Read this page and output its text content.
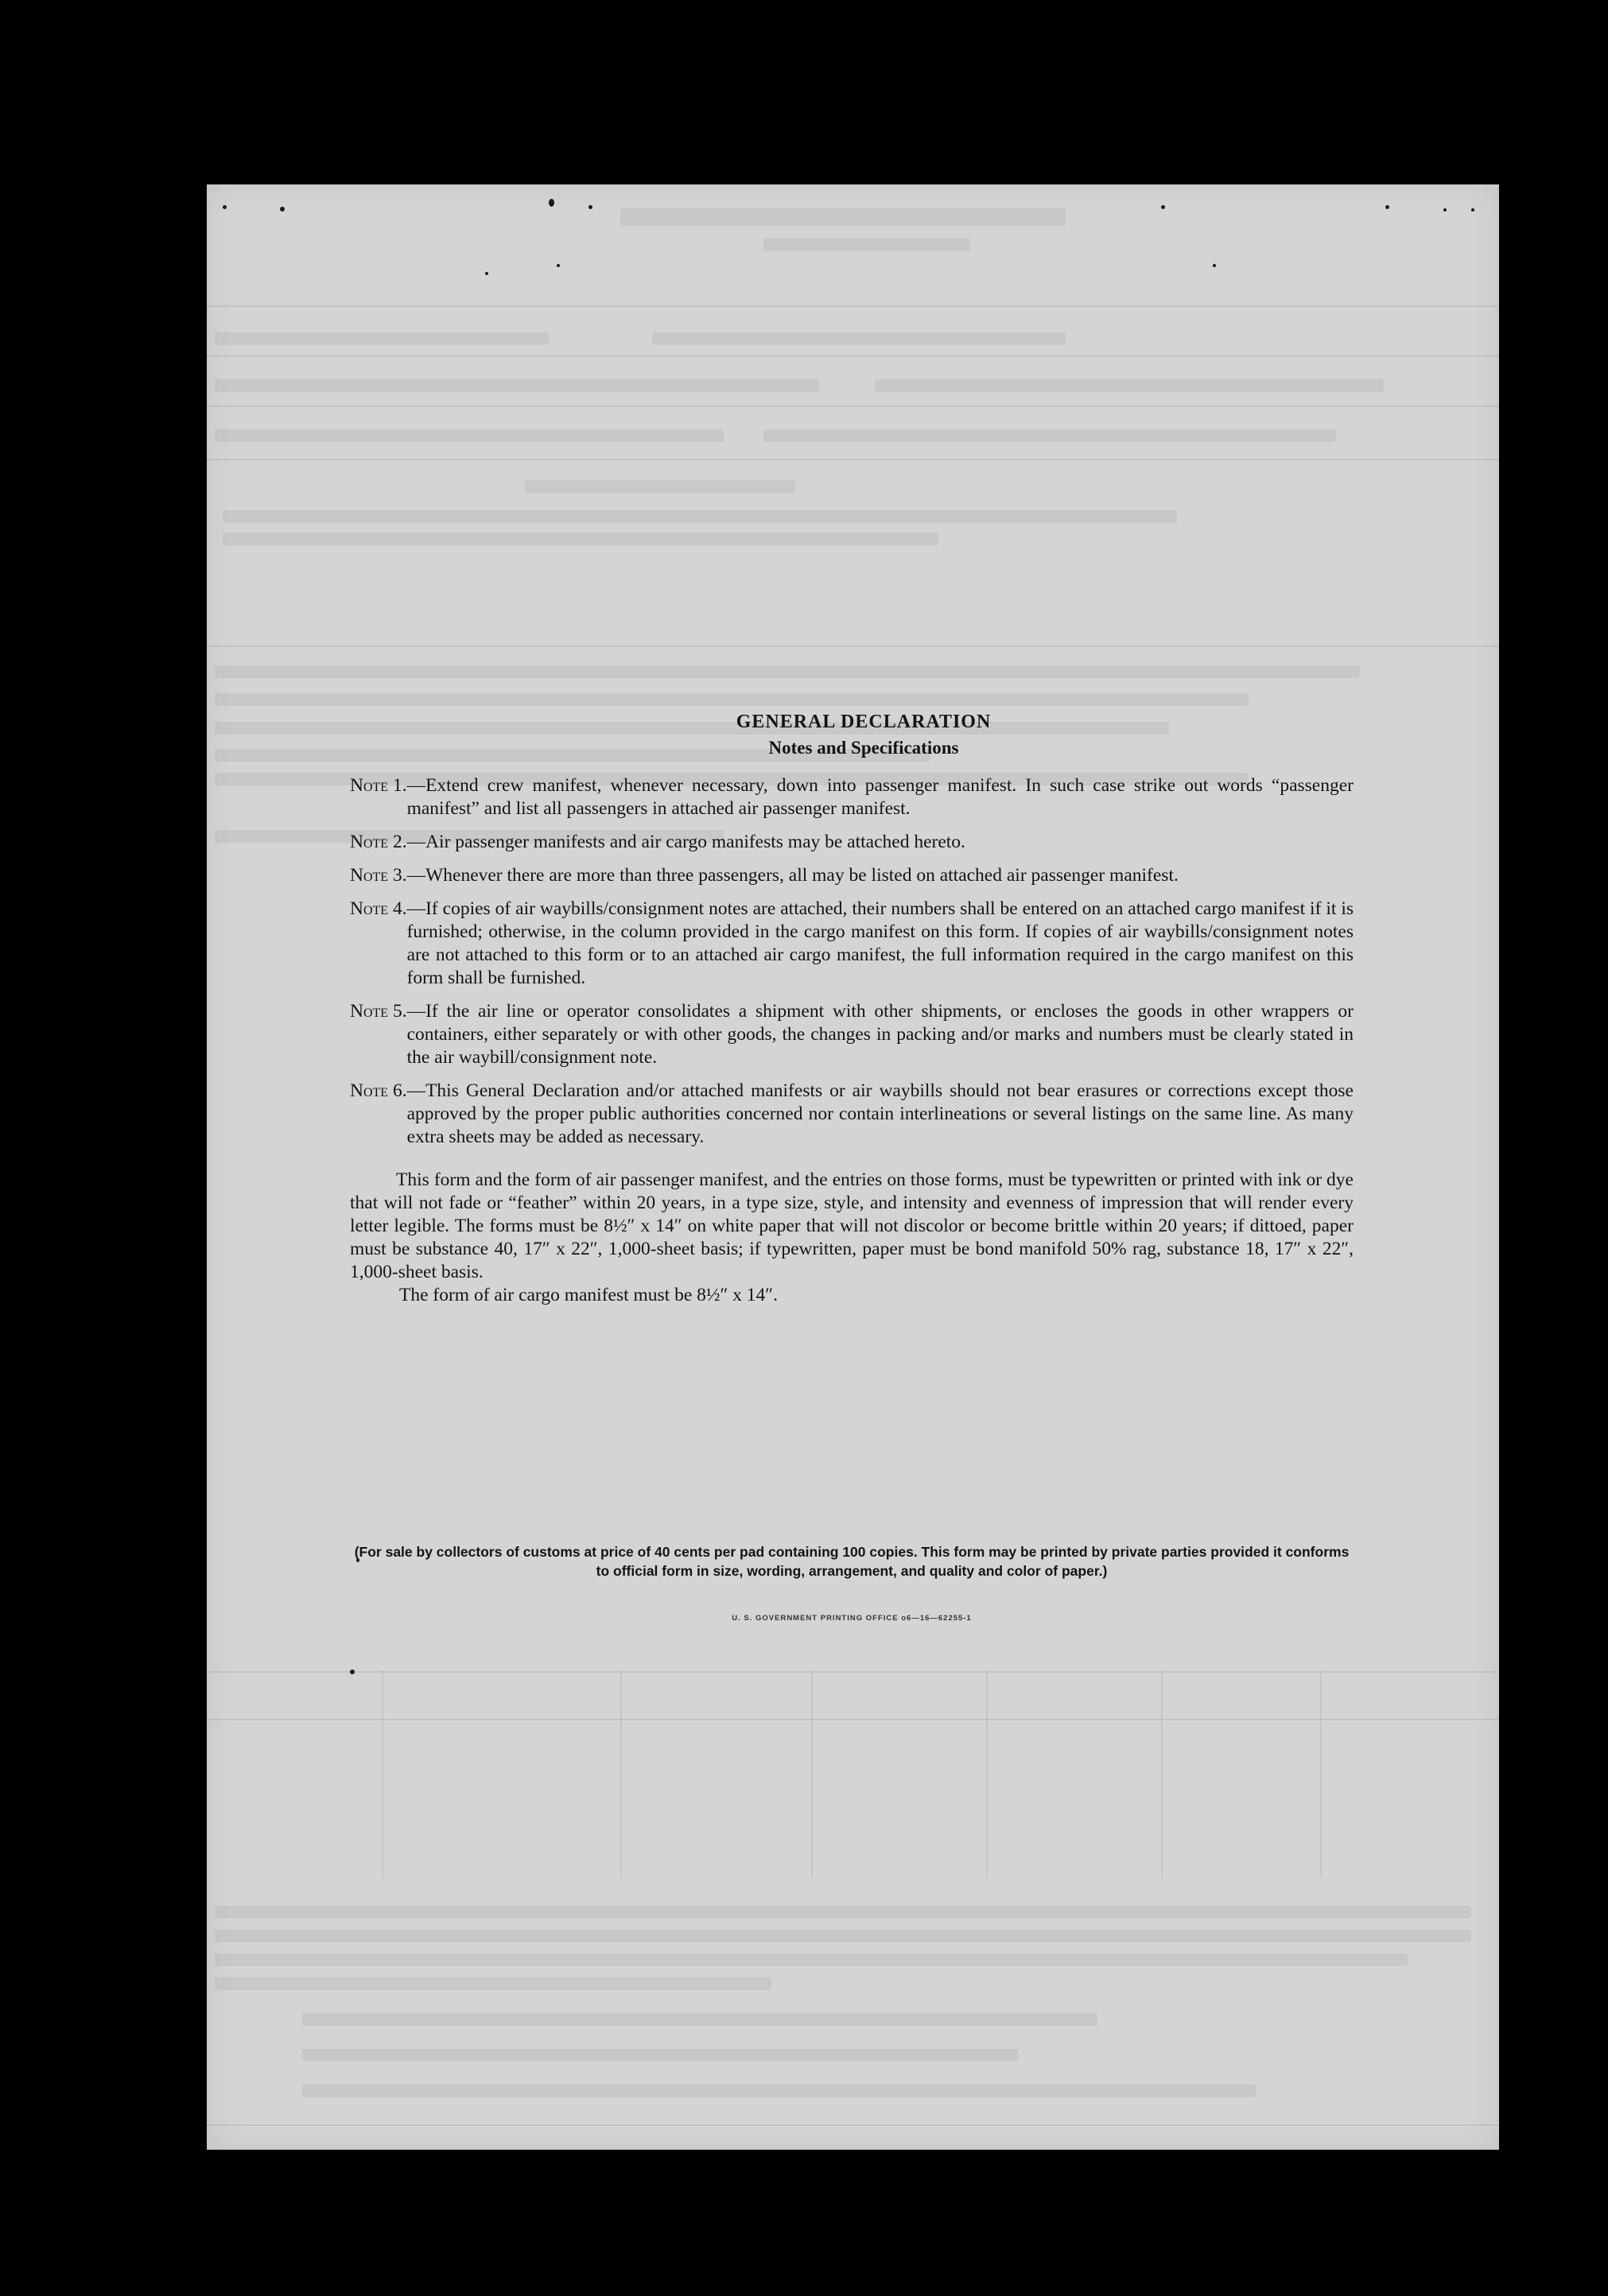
GENERAL DECLARATION
Notes and Specifications
Note 1. —Extend crew manifest, whenever necessary, down into passenger manifest. In such case strike out words “passenger manifest” and list all passengers in attached air passenger manifest.
Note 2. —Air passenger manifests and air cargo manifests may be attached hereto.
Note 3. —Whenever there are more than three passengers, all may be listed on attached air passenger manifest.
Note 4. —If copies of air waybills/consignment notes are attached, their numbers shall be entered on an attached cargo manifest if it is furnished; otherwise, in the column provided in the cargo manifest on this form. If copies of air waybills/consignment notes are not attached to this form or to an attached air cargo manifest, the full information required in the cargo manifest on this form shall be furnished.
Note 5. —If the air line or operator consolidates a shipment with other shipments, or encloses the goods in other wrappers or containers, either separately or with other goods, the changes in packing and/or marks and numbers must be clearly stated in the air waybill/consignment note.
Note 6. —This General Declaration and/or attached manifests or air waybills should not bear erasures or corrections except those approved by the proper public authorities concerned nor contain interlineations or several listings on the same line. As many extra sheets may be added as necessary.

This form and the form of air passenger manifest, and the entries on those forms, must be typewritten or printed with ink or dye that will not fade or “feather” within 20 years, in a type size, style, and intensity and evenness of impression that will render every letter legible. The forms must be 8½″ x 14″ on white paper that will not discolor or become brittle within 20 years; if dittoed, paper must be substance 40, 17″ x 22″, 1,000-sheet basis; if typewritten, paper must be bond manifold 50% rag, substance 18, 17″ x 22″, 1,000-sheet basis.

The form of air cargo manifest must be 8½″ x 14″.

(For sale by collectors of customs at price of 40 cents per pad containing 100 copies. This form may be printed by private parties provided it conforms to official form in size, wording, arrangement, and quality and color of paper.)
U. S. GOVERNMENT PRINTING OFFICE o6—16—62255-1
